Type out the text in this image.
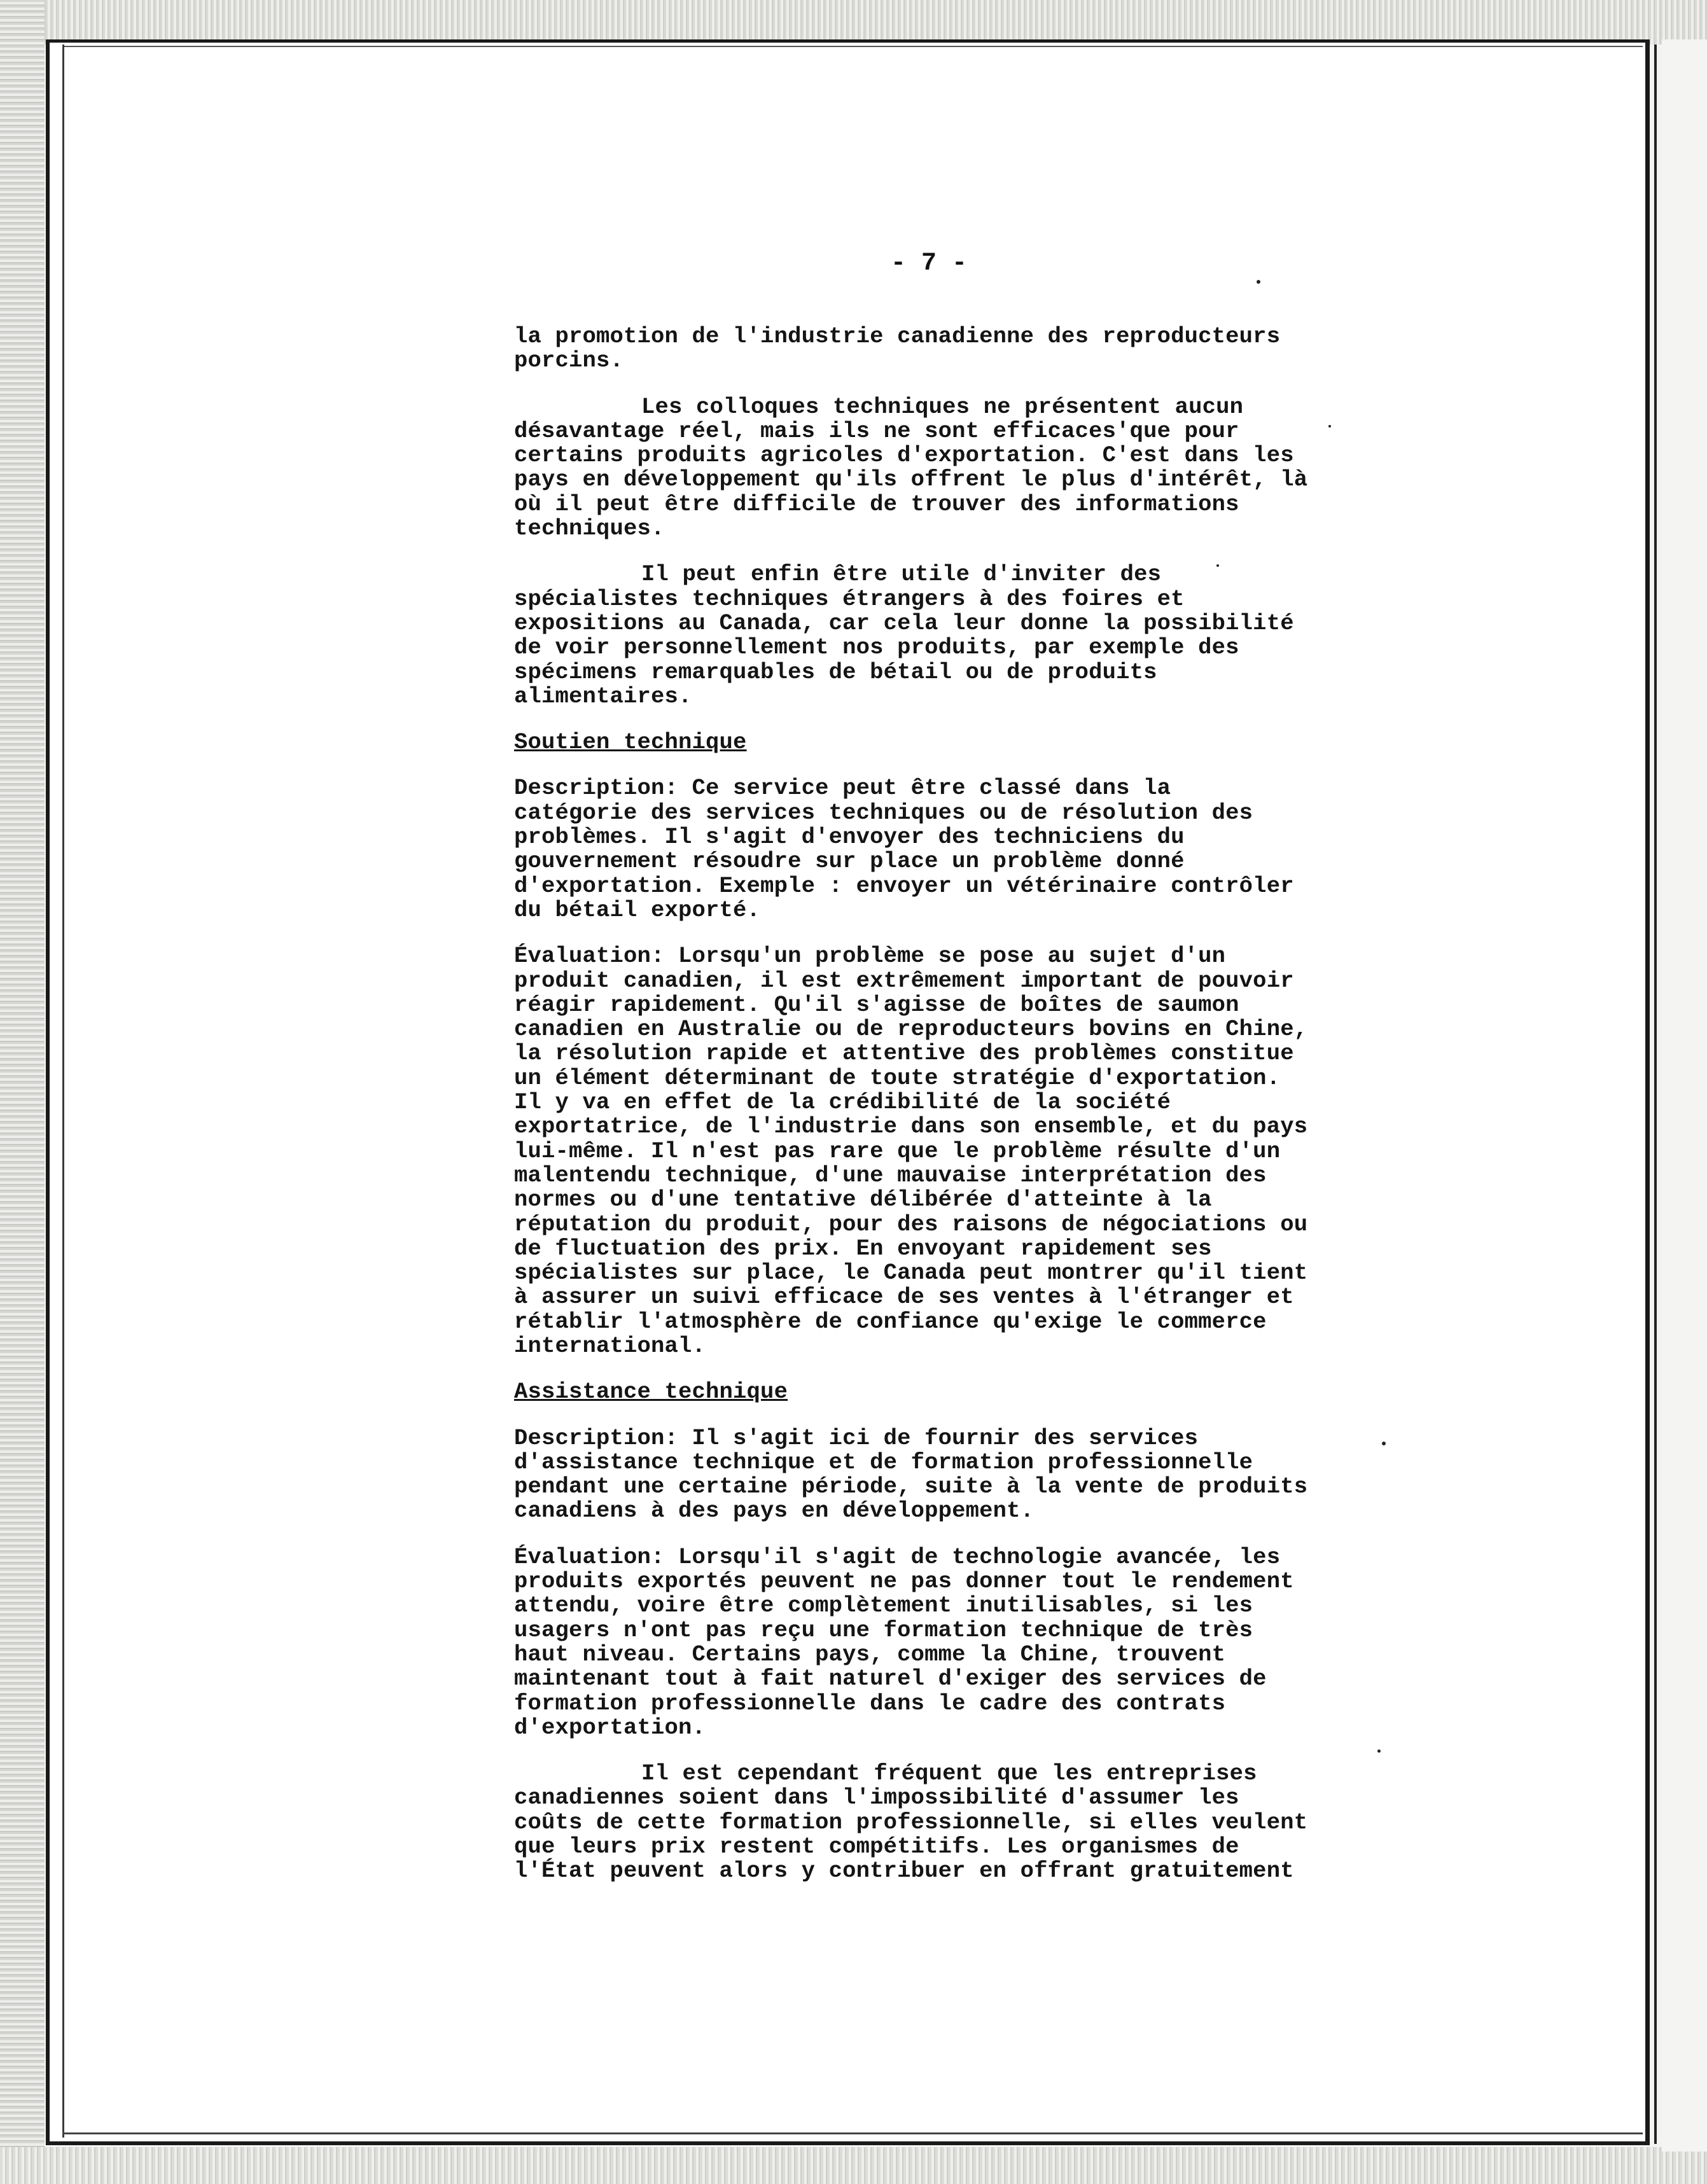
- 7 -

la promotion de l'industrie canadienne des reproducteurs

porcins.

Les colloques techniques ne présentent aucun

désavantage réel, mais ils ne sont efficaces'que pour

certains produits agricoles d'exportation. C'est dans les

pays en développement qu'ils offrent le plus d'intérêt, là

où il peut être difficile de trouver des informations

techniques.

Il peut enfin être utile d'inviter des

spécialistes techniques étrangers à des foires et

expositions au Canada, car cela leur donne la possibilité

de voir personnellement nos produits, par exemple des

spécimens remarquables de bétail ou de produits

alimentaires.

Soutien technique

Description: Ce service peut être classé dans la

catégorie des services techniques ou de résolution des

problèmes. Il s'agit d'envoyer des techniciens du

gouvernement résoudre sur place un problème donné

d'exportation. Exemple : envoyer un vétérinaire contrôler

du bétail exporté.

Évaluation: Lorsqu'un problème se pose au sujet d'un

produit canadien, il est extrêmement important de pouvoir

réagir rapidement. Qu'il s'agisse de boîtes de saumon

canadien en Australie ou de reproducteurs bovins en Chine,

la résolution rapide et attentive des problèmes constitue

un élément déterminant de toute stratégie d'exportation.

Il y va en effet de la crédibilité de la société

exportatrice, de l'industrie dans son ensemble, et du pays

lui-même. Il n'est pas rare que le problème résulte d'un

malentendu technique, d'une mauvaise interprétation des

normes ou d'une tentative délibérée d'atteinte à la

réputation du produit, pour des raisons de négociations ou

de fluctuation des prix. En envoyant rapidement ses

spécialistes sur place, le Canada peut montrer qu'il tient

à assurer un suivi efficace de ses ventes à l'étranger et

rétablir l'atmosphère de confiance qu'exige le commerce

international.

Assistance technique

Description: Il s'agit ici de fournir des services

d'assistance technique et de formation professionnelle

pendant une certaine période, suite à la vente de produits

canadiens à des pays en développement.

Évaluation: Lorsqu'il s'agit de technologie avancée, les

produits exportés peuvent ne pas donner tout le rendement

attendu, voire être complètement inutilisables, si les

usagers n'ont pas reçu une formation technique de très

haut niveau. Certains pays, comme la Chine, trouvent

maintenant tout à fait naturel d'exiger des services de

formation professionnelle dans le cadre des contrats

d'exportation.

Il est cependant fréquent que les entreprises

canadiennes soient dans l'impossibilité d'assumer les

coûts de cette formation professionnelle, si elles veulent

que leurs prix restent compétitifs. Les organismes de

l'État peuvent alors y contribuer en offrant gratuitement
